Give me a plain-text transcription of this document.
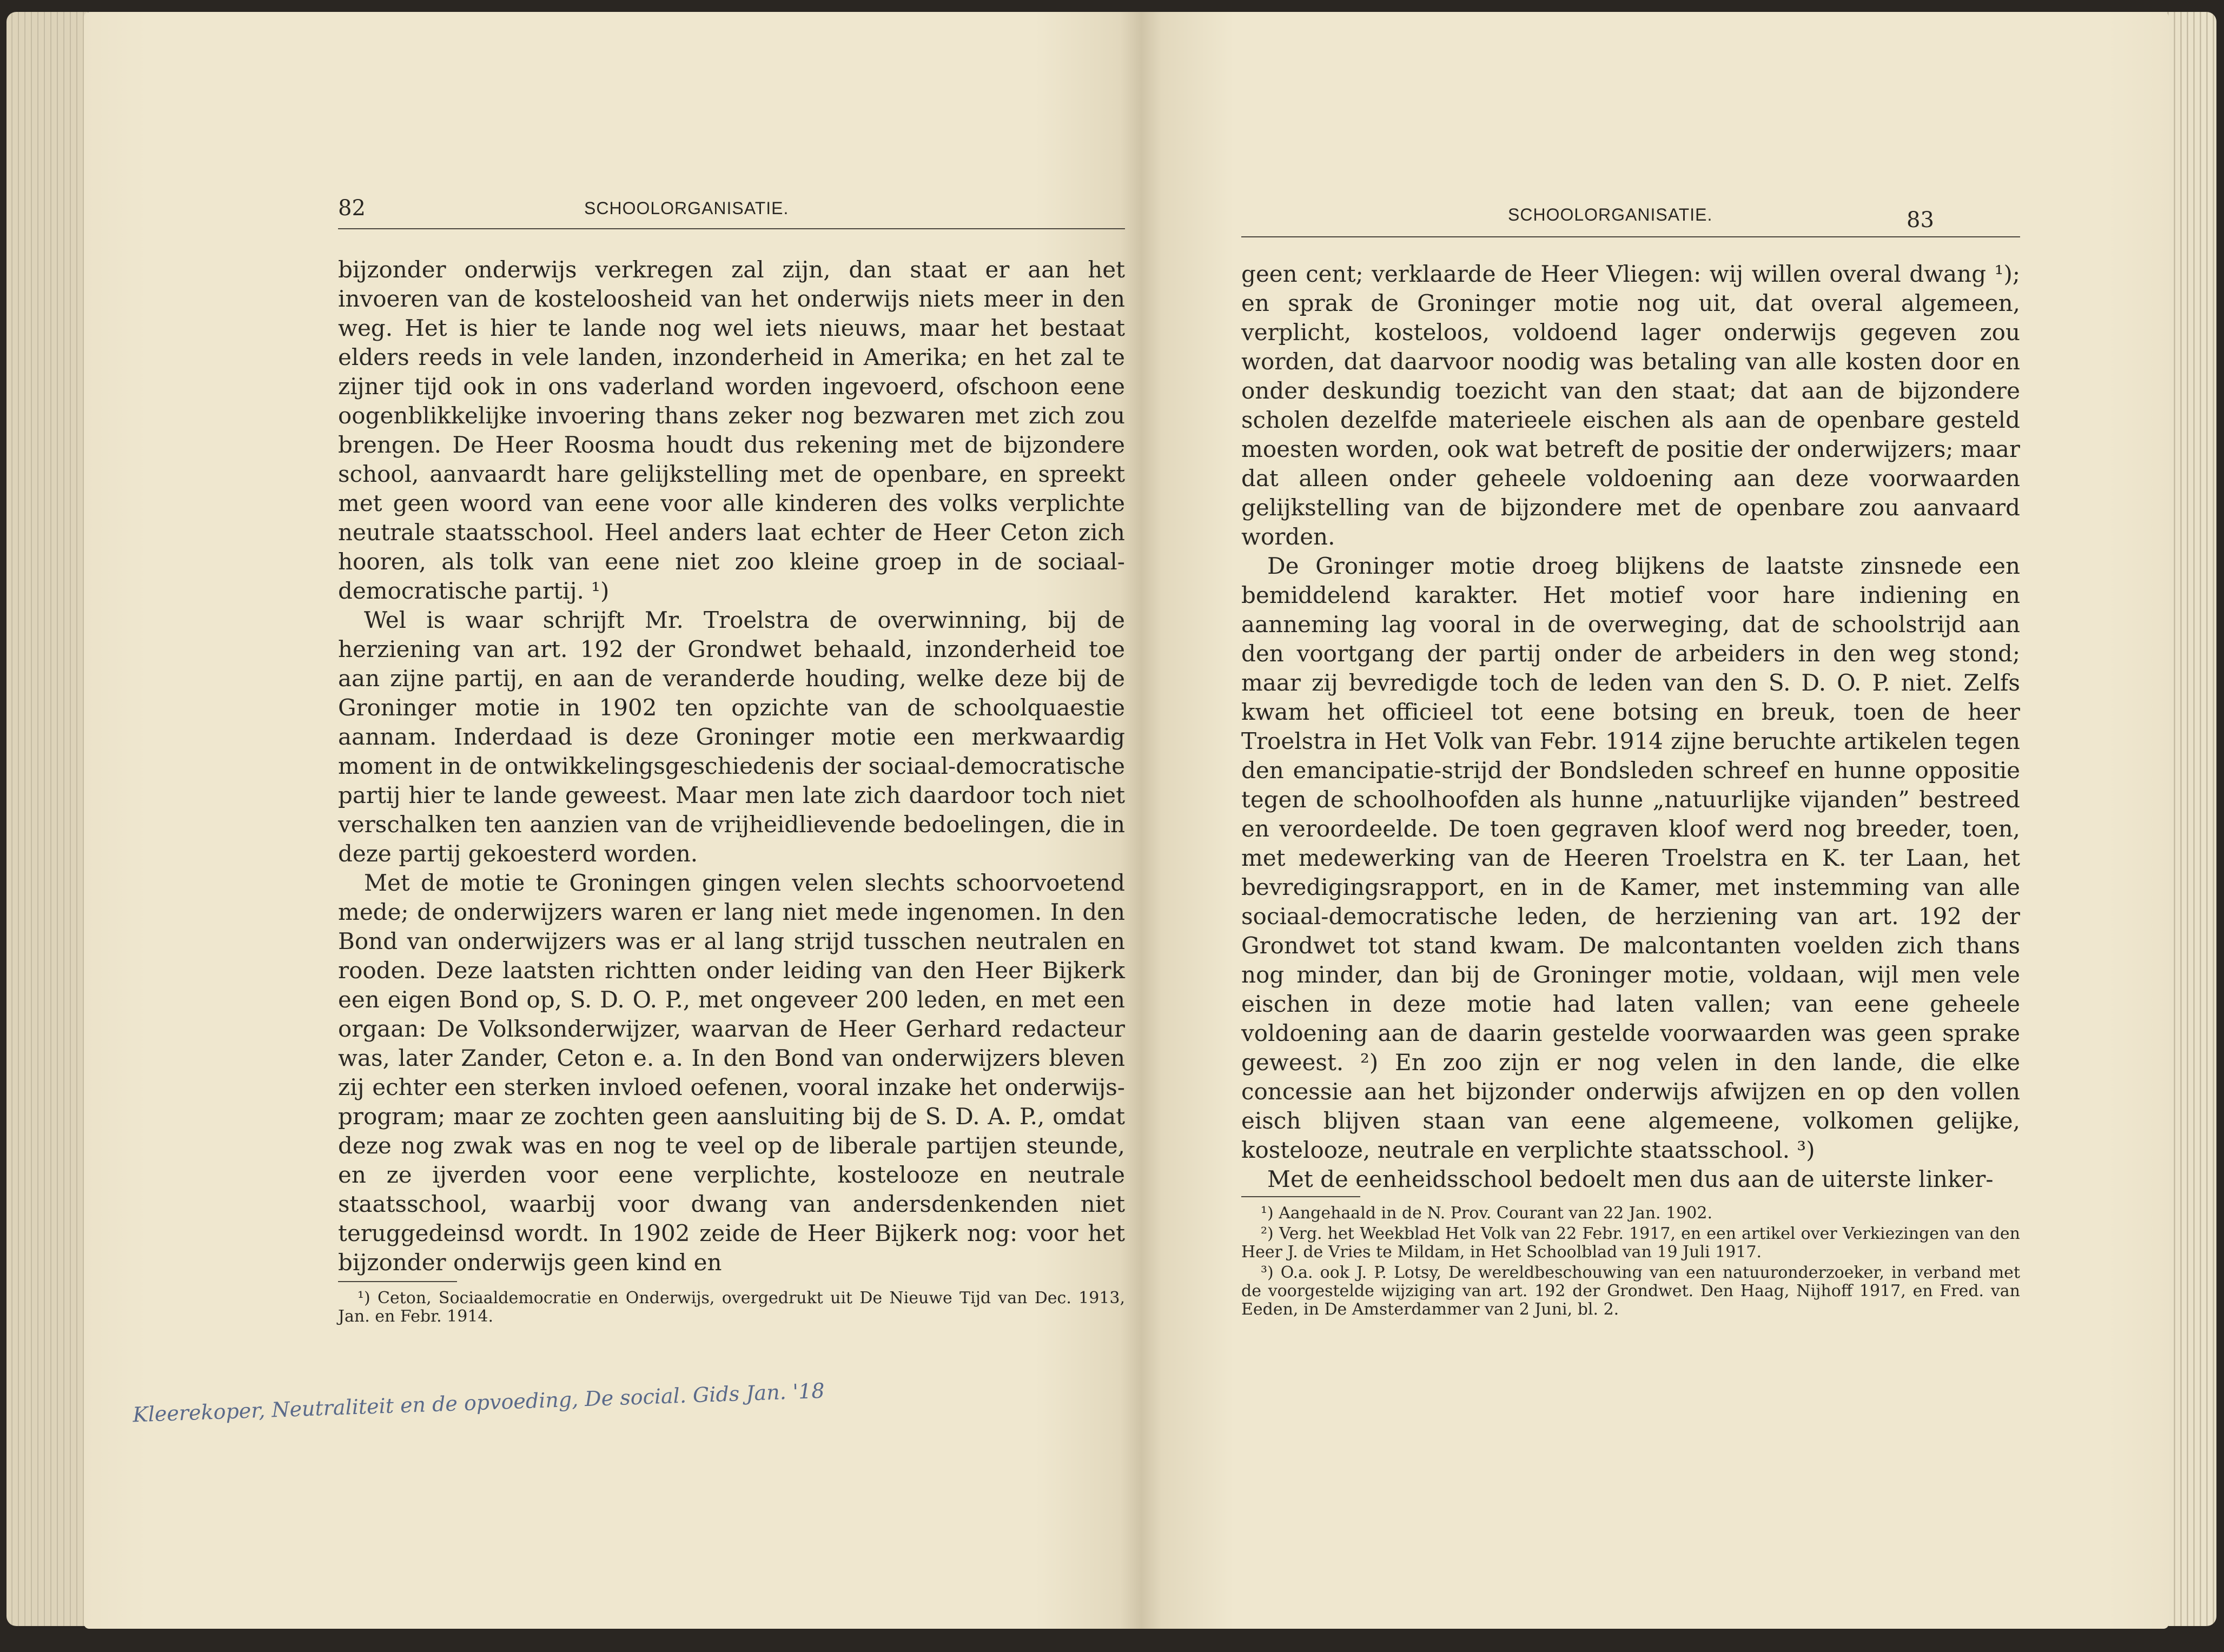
82	SCHOOLORGANISATIE.

bijzonder onderwijs verkregen zal zijn, dan staat er aan het invoeren van de kosteloosheid van het onderwijs niets meer in den weg. Het is hier te lande nog wel iets nieuws, maar het bestaat elders reeds in vele landen, inzonderheid in Amerika; en het zal te zijner tijd ook in ons vaderland worden ingevoerd, ofschoon eene oogenblikkelijke invoering thans zeker nog bezwaren met zich zou brengen. De Heer Roosma houdt dus rekening met de bijzondere school, aanvaardt hare gelijkstelling met de openbare, en spreekt met geen woord van eene voor alle kinderen des volks verplichte neutrale staatsschool. Heel anders laat echter de Heer Ceton zich hooren, als tolk van eene niet zoo kleine groep in de sociaal-democratische partij. ¹)

Wel is waar schrijft Mr. Troelstra de overwinning, bij de herziening van art. 192 der Grondwet behaald, inzonderheid toe aan zijne partij, en aan de veranderde houding, welke deze bij de Groninger motie in 1902 ten opzichte van de schoolquaestie aannam. Inderdaad is deze Groninger motie een merkwaardig moment in de ontwikkelingsgeschiedenis der sociaal-democratische partij hier te lande geweest. Maar men late zich daardoor toch niet verschalken ten aanzien van de vrijheidlievende bedoelingen, die in deze partij gekoesterd worden.

Met de motie te Groningen gingen velen slechts schoorvoetend mede; de onderwijzers waren er lang niet mede ingenomen. In den Bond van onderwijzers was er al lang strijd tusschen neutralen en rooden. Deze laatsten richtten onder leiding van den Heer Bijkerk een eigen Bond op, S. D. O. P., met ongeveer 200 leden, en met een orgaan: De Volksonderwijzer, waarvan de Heer Gerhard redacteur was, later Zander, Ceton e. a. In den Bond van onderwijzers bleven zij echter een sterken invloed oefenen, vooral inzake het onderwijs-program; maar ze zochten geen aansluiting bij de S. D. A. P., omdat deze nog zwak was en nog te veel op de liberale partijen steunde, en ze ijverden voor eene verplichte, kostelooze en neutrale staatsschool, waarbij voor dwang van andersdenkenden niet teruggedeinsd wordt. In 1902 zeide de Heer Bijkerk nog: voor het bijzonder onderwijs geen kind en

¹) Ceton, Sociaaldemocratie en Onderwijs, overgedrukt uit De Nieuwe Tijd van Dec. 1913, Jan. en Febr. 1914.

Kleerekoper, Neutraliteit en de opvoeding, De social. Gids Jan. '18
SCHOOLORGANISATIE.	83

geen cent; verklaarde de Heer Vliegen: wij willen overal dwang ¹); en sprak de Groninger motie nog uit, dat overal algemeen, verplicht, kosteloos, voldoend lager onderwijs gegeven zou worden, dat daarvoor noodig was betaling van alle kosten door en onder deskundig toezicht van den staat; dat aan de bijzondere scholen dezelfde materieele eischen als aan de openbare gesteld moesten worden, ook wat betreft de positie der onderwijzers; maar dat alleen onder geheele voldoening aan deze voorwaarden gelijkstelling van de bijzondere met de openbare zou aanvaard worden.

De Groninger motie droeg blijkens de laatste zinsnede een bemiddelend karakter. Het motief voor hare indiening en aanneming lag vooral in de overweging, dat de schoolstrijd aan den voortgang der partij onder de arbeiders in den weg stond; maar zij bevredigde toch de leden van den S. D. O. P. niet. Zelfs kwam het officieel tot eene botsing en breuk, toen de heer Troelstra in Het Volk van Febr. 1914 zijne beruchte artikelen tegen den emancipatie-strijd der Bondsleden schreef en hunne oppositie tegen de schoolhoofden als hunne „natuurlijke vijanden” bestreed en veroordeelde. De toen gegraven kloof werd nog breeder, toen, met medewerking van de Heeren Troelstra en K. ter Laan, het bevredigingsrapport, en in de Kamer, met instemming van alle sociaal-democratische leden, de herziening van art. 192 der Grondwet tot stand kwam. De malcontanten voelden zich thans nog minder, dan bij de Groninger motie, voldaan, wijl men vele eischen in deze motie had laten vallen; van eene geheele voldoening aan de daarin gestelde voorwaarden was geen sprake geweest. ²) En zoo zijn er nog velen in den lande, die elke concessie aan het bijzonder onderwijs afwijzen en op den vollen eisch blijven staan van eene algemeene, volkomen gelijke, kostelooze, neutrale en verplichte staatsschool. ³)

Met de eenheidsschool bedoelt men dus aan de uiterste linker-

¹) Aangehaald in de N. Prov. Courant van 22 Jan. 1902.

²) Verg. het Weekblad Het Volk van 22 Febr. 1917, en een artikel over Verkiezingen van den Heer J. de Vries te Mildam, in Het Schoolblad van 19 Juli 1917.

³) O.a. ook J. P. Lotsy, De wereldbeschouwing van een natuuronderzoeker, in verband met de voorgestelde wijziging van art. 192 der Grondwet. Den Haag, Nijhoff 1917, en Fred. van Eeden, in De Amsterdammer van 2 Juni, bl. 2.
